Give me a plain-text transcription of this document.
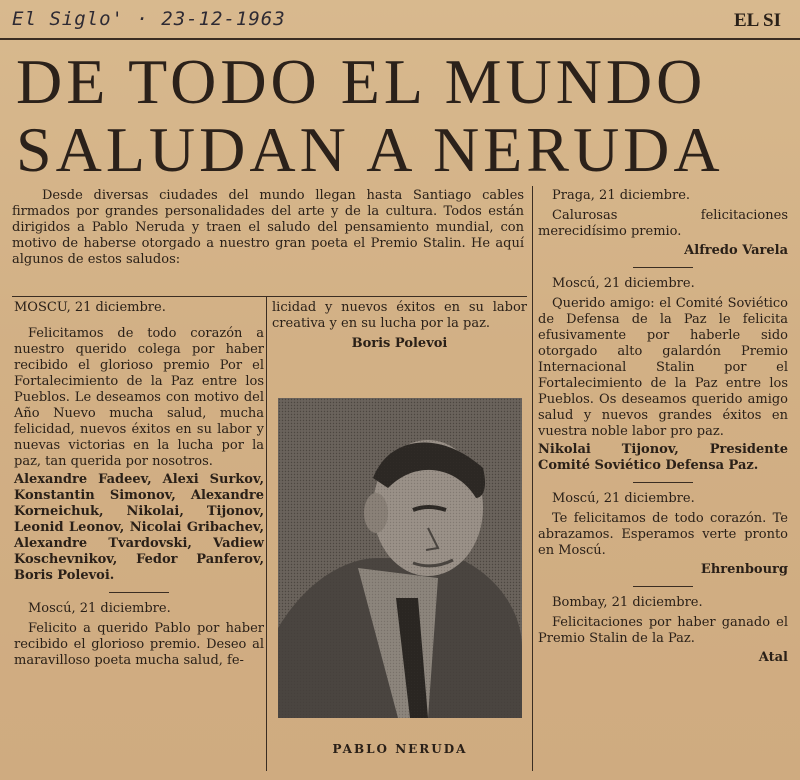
El Siglo' · 23-12-1963	EL SI
DE TODO EL MUNDO
SALUDAN A NERUDA
Desde diversas ciudades del mundo llegan hasta Santiago cables firmados por grandes personalidades del arte y de la cultura. Todos están dirigidos a Pablo Neruda y traen el saludo del pensamiento mundial, con motivo de haberse otorgado a nuestro gran poeta el Premio Stalin. He aquí algunos de estos saludos:

MOSCU, 21 diciembre.

Felicitamos de todo corazón a nuestro querido colega por haber recibido el glorioso premio Por el Fortalecimiento de la Paz entre los Pueblos. Le deseamos con motivo del Año Nuevo mucha salud, mucha felicidad, nuevos éxitos en su labor y nuevas victorias en la lucha por la paz, tan querida por nosotros.

Alexandre Fadeev, Alexi Surkov, Konstantin Simonov, Alexandre Korneichuk, Nikolai, Tijonov, Leonid Leonov, Nicolai Gribachev, Alexandre Tvardovski, Vadiew Koschevnikov, Fedor Panferov, Boris Polevoi.

Moscú, 21 diciembre.

Felicito a querido Pablo por haber recibido el glorioso premio. Deseo al maravilloso poeta mucha salud, fe-

licidad y nuevos éxitos en su labor creativa y en su lucha por la paz.

Boris Polevoi

PABLO NERUDA

Praga, 21 diciembre.

Calurosas felicitaciones merecidísimo premio.

Alfredo Varela

Moscú, 21 diciembre.

Querido amigo: el Comité Soviético de Defensa de la Paz le felicita efusivamente por haberle sido otorgado alto galardón Premio Internacional Stalin por el Fortalecimiento de la Paz entre los Pueblos. Os deseamos querido amigo salud y nuevos grandes éxitos en vuestra noble labor pro paz.

Nikolai Tijonov, Presidente Comité Soviético Defensa Paz.

Moscú, 21 diciembre.

Te felicitamos de todo corazón. Te abrazamos. Esperamos verte pronto en Moscú.

Ehrenbourg

Bombay, 21 diciembre.

Felicitaciones por haber ganado el Premio Stalin de la Paz.

Atal
